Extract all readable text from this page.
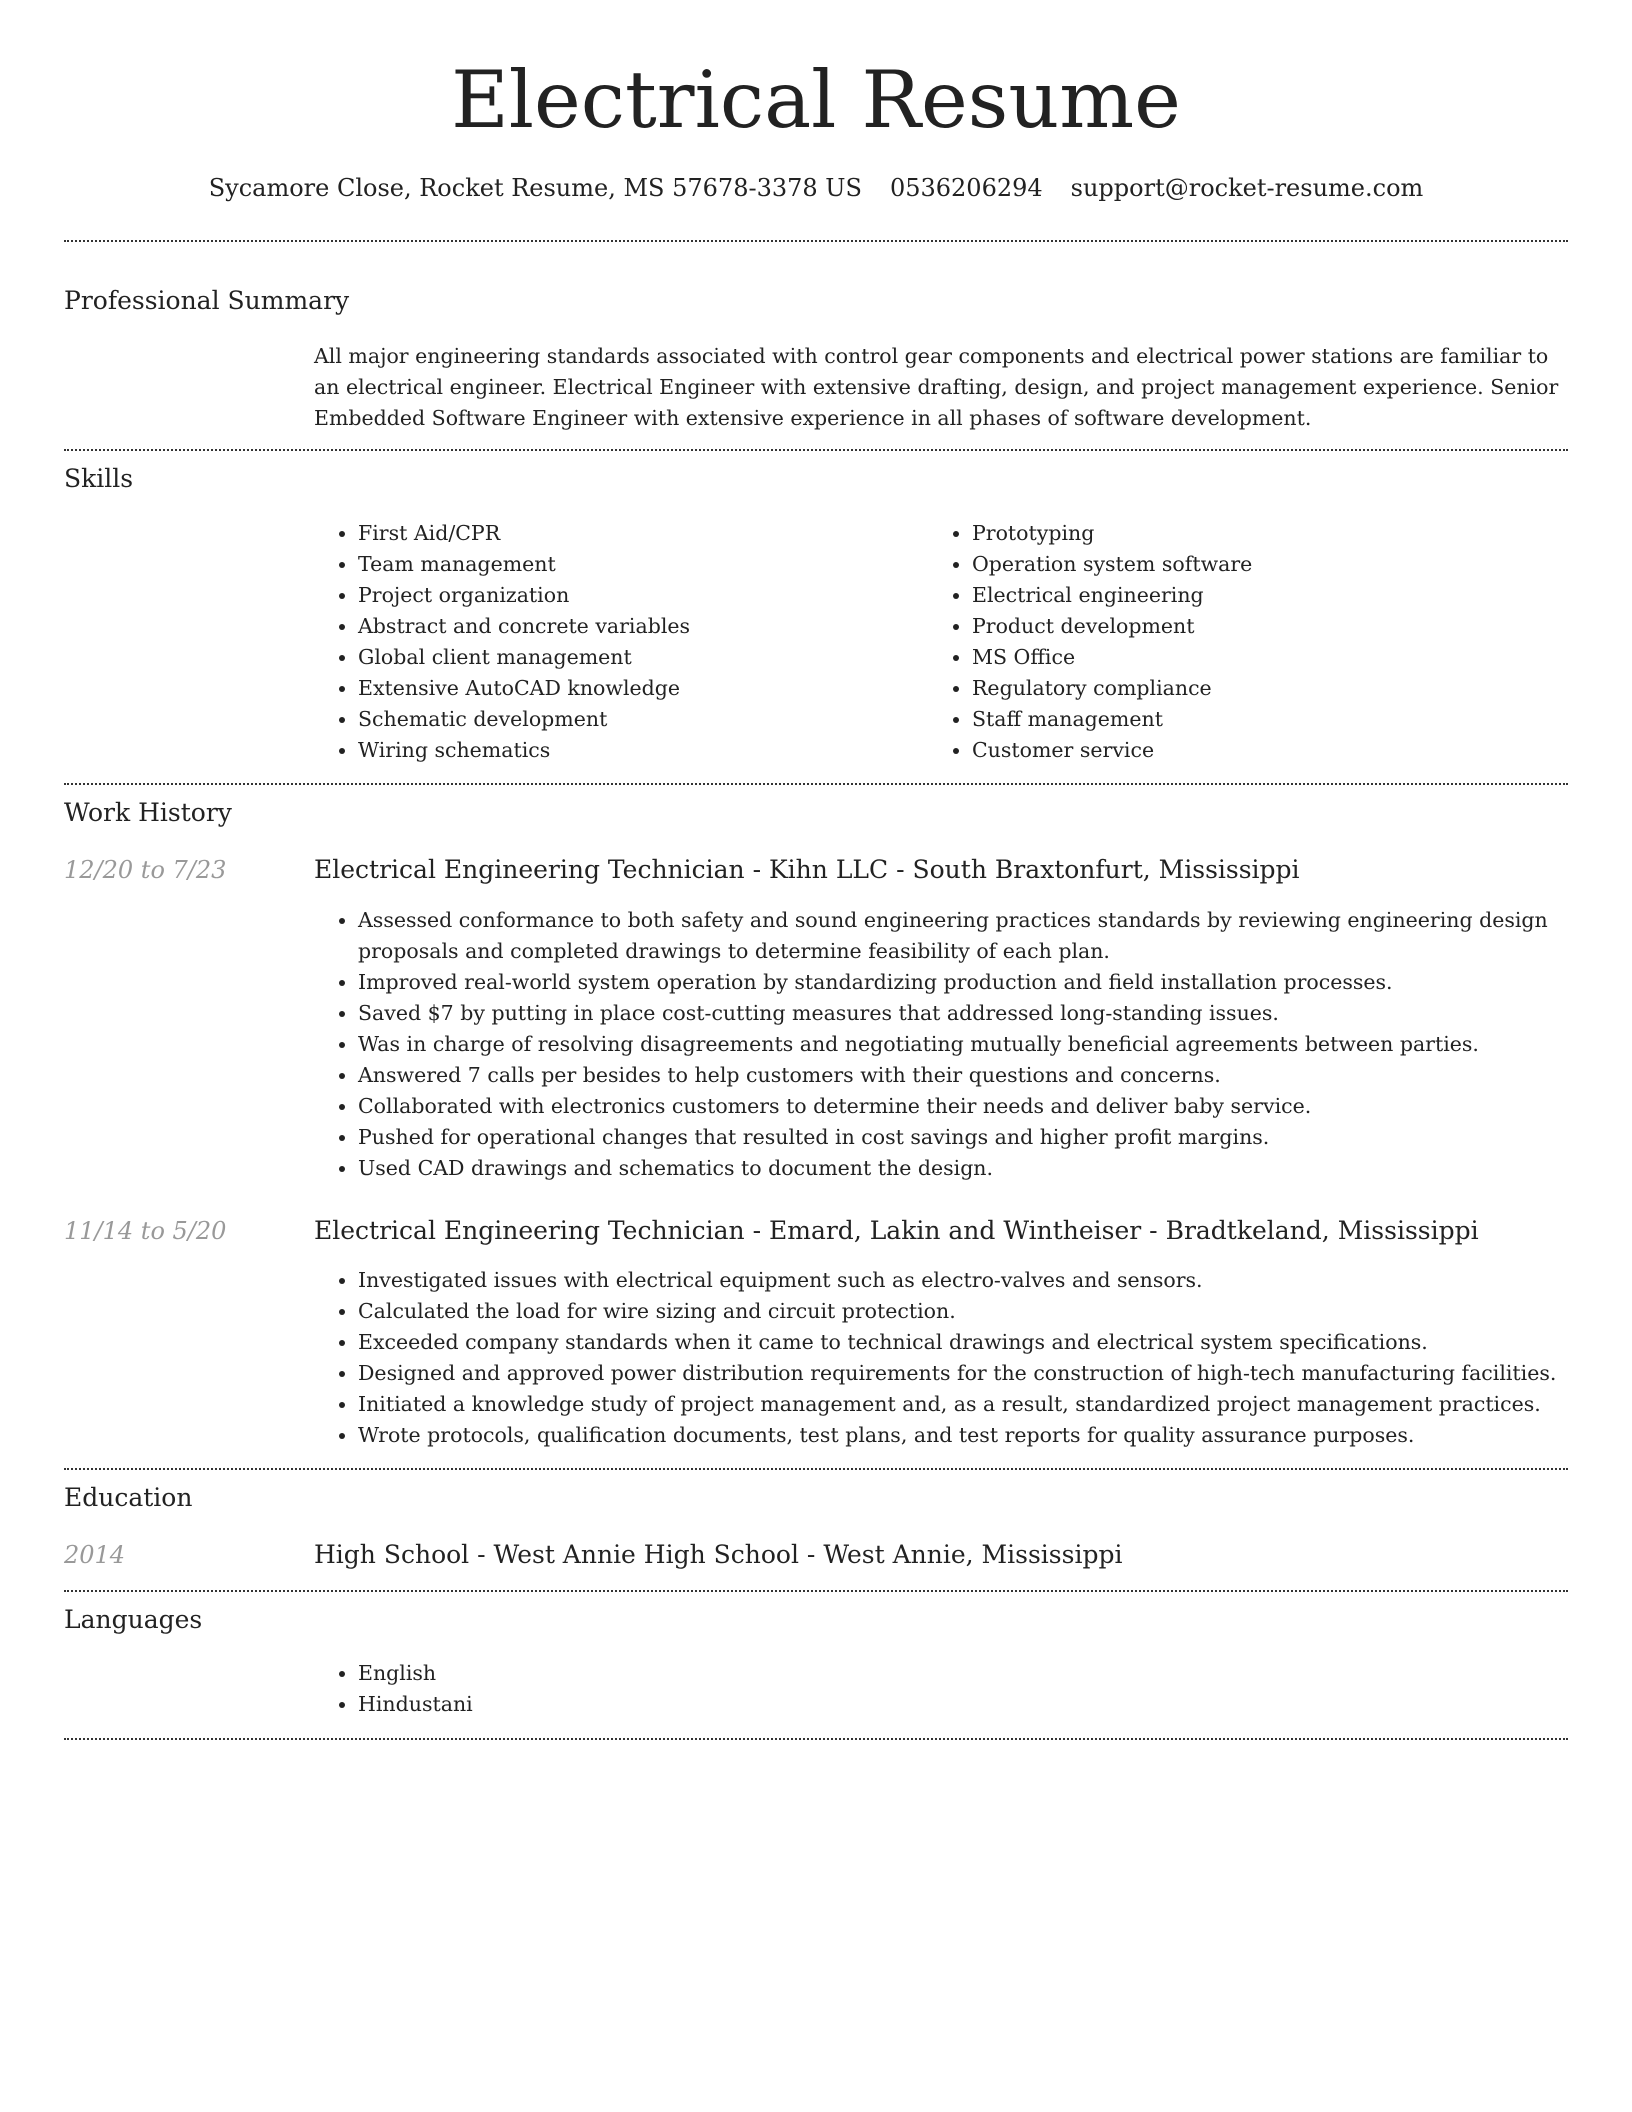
Electrical Resume
Sycamore Close, Rocket Resume, MS 57678-3378 US 0536206294 support@rocket-resume.com
Professional Summary

All major engineering standards associated with control gear components and electrical power stations are familiar to an electrical engineer. Electrical Engineer with extensive drafting, design, and project management experience. Senior Embedded Software Engineer with extensive experience in all phases of software development.

Skills
• First Aid/CPR
• Team management
• Project organization
• Abstract and concrete variables
• Global client management
• Extensive AutoCAD knowledge
• Schematic development
• Wiring schematics
• Prototyping
• Operation system software
• Electrical engineering
• Product development
• MS Office
• Regulatory compliance
• Staff management
• Customer service
Work History
12/20 to 7/23	Electrical Engineering Technician - Kihn LLC - South Braxtonfurt, Mississippi
• Assessed conformance to both safety and sound engineering practices standards by reviewing engineering design proposals and completed drawings to determine feasibility of each plan.
• Improved real-world system operation by standardizing production and field installation processes.
• Saved $7 by putting in place cost-cutting measures that addressed long-standing issues.
• Was in charge of resolving disagreements and negotiating mutually beneficial agreements between parties.
• Answered 7 calls per besides to help customers with their questions and concerns.
• Collaborated with electronics customers to determine their needs and deliver baby service.
• Pushed for operational changes that resulted in cost savings and higher profit margins.
• Used CAD drawings and schematics to document the design.
11/14 to 5/20	Electrical Engineering Technician - Emard, Lakin and Wintheiser - Bradtkeland, Mississippi
• Investigated issues with electrical equipment such as electro-valves and sensors.
• Calculated the load for wire sizing and circuit protection.
• Exceeded company standards when it came to technical drawings and electrical system specifications.
• Designed and approved power distribution requirements for the construction of high-tech manufacturing facilities.
• Initiated a knowledge study of project management and, as a result, standardized project management practices.
• Wrote protocols, qualification documents, test plans, and test reports for quality assurance purposes.
Education
2014	High School - West Annie High School - West Annie, Mississippi
Languages
• English
• Hindustani
